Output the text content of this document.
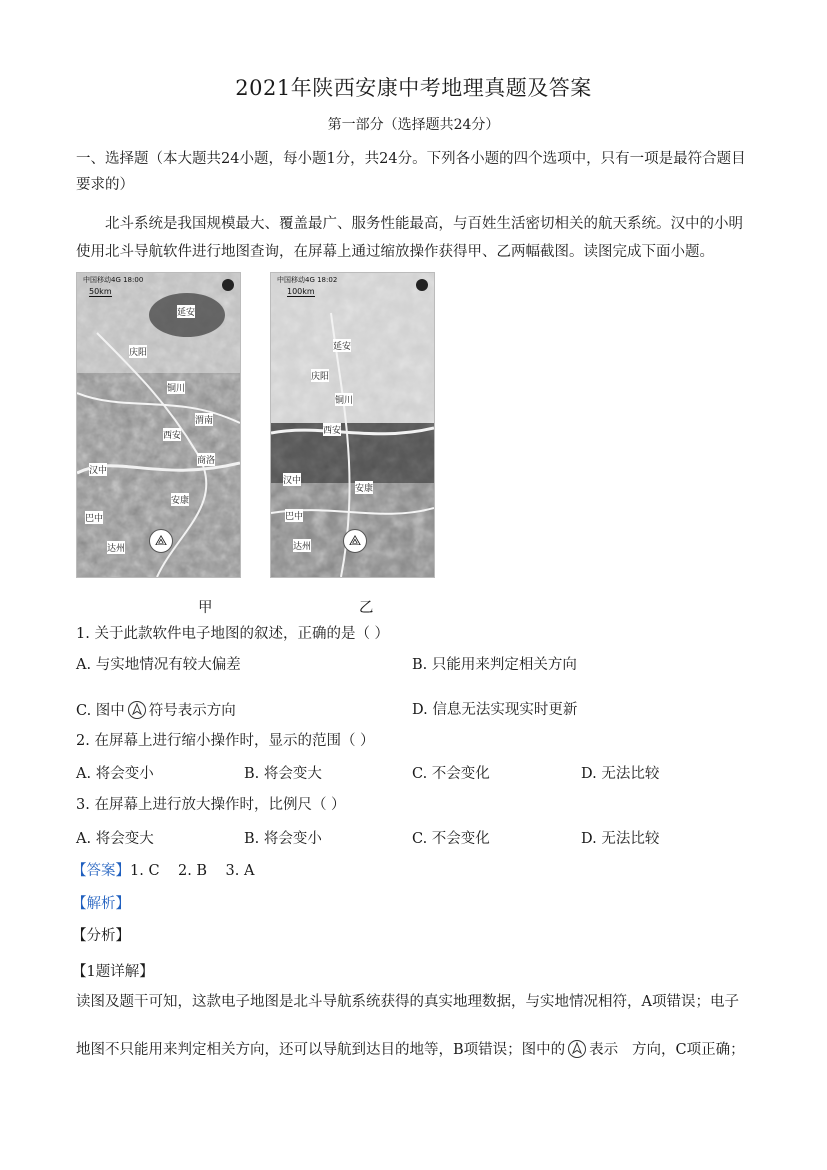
2021年陕西安康中考地理真题及答案
第一部分（选择题共24分）
一、选择题（本大题共24小题，每小题1分，共24分。下列各小题的四个选项中，只有一项是最符合题目要求的）
北斗系统是我国规模最大、覆盖最广、服务性能最高，与百姓生活密切相关的航天系统。汉中的小明使用北斗导航软件进行地图查询，在屏幕上通过缩放操作获得甲、乙两幅截图。读图完成下面小题。
中国移动4G 18:00
50km
延安
庆阳
铜川
渭南
西安
商洛
汉中
安康
巴中
达州	⟁
中国移动4G 18:02
100km
延安
庆阳
铜川
西安
汉中
安康
巴中
达州	⟁
甲	乙
1. 关于此款软件电子地图的叙述，正确的是（ ）
A. 与实地情况有较大偏差	B. 只能用来判定相关方向
C. 图中 符号表示方向	D. 信息无法实现实时更新
2. 在屏幕上进行缩小操作时，显示的范围（ ）
A. 将会变小	B. 将会变大	C. 不会变化	D. 无法比较
3. 在屏幕上进行放大操作时，比例尺（ ）
A. 将会变大	B. 将会变小	C. 不会变化	D. 无法比较
【答案】1. C    2. B    3. A
【解析】
【分析】
【1题详解】
读图及题干可知，这款电子地图是北斗导航系统获得的真实地理数据，与实地情况相符，A项错误；电子
地图不只能用来判定相关方向，还可以导航到达目的地等，B项错误；图中的 表示   方向，C项正确；
